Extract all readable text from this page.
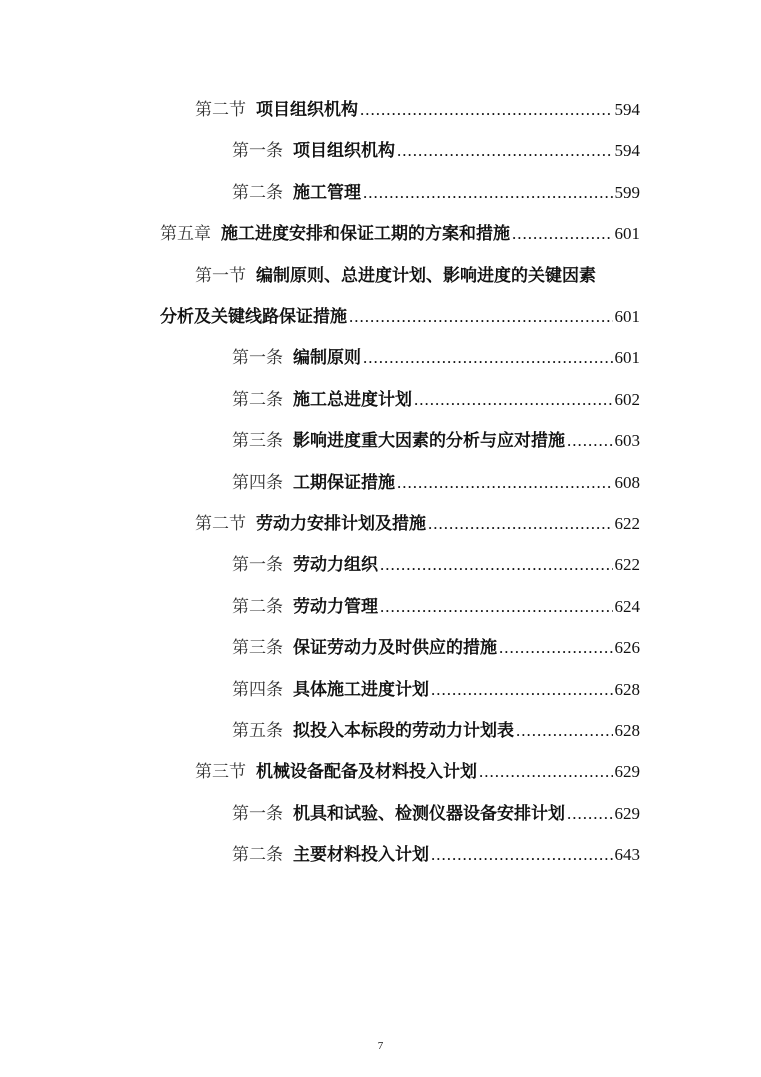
第二节 项目组织机构 .....	594
第一条 项目组织机构 .....	594
第二条 施工管理 .....	599
第五章 施工进度安排和保证工期的方案和措施 .....	601
第一节 编制原则、总进度计划、影响进度的关键因素
分析及关键线路保证措施 .....	601
第一条 编制原则 .....	601
第二条 施工总进度计划 .....	602
第三条 影响进度重大因素的分析与应对措施 .....	603
第四条 工期保证措施 .....	608
第二节 劳动力安排计划及措施 .....	622
第一条 劳动力组织 .....	622
第二条 劳动力管理 .....	624
第三条 保证劳动力及时供应的措施 .....	626
第四条 具体施工进度计划 .....	628
第五条 拟投入本标段的劳动力计划表 .....	628
第三节 机械设备配备及材料投入计划 .....	629
第一条 机具和试验、检测仪器设备安排计划 .....	629
第二条 主要材料投入计划 .....	643
7
